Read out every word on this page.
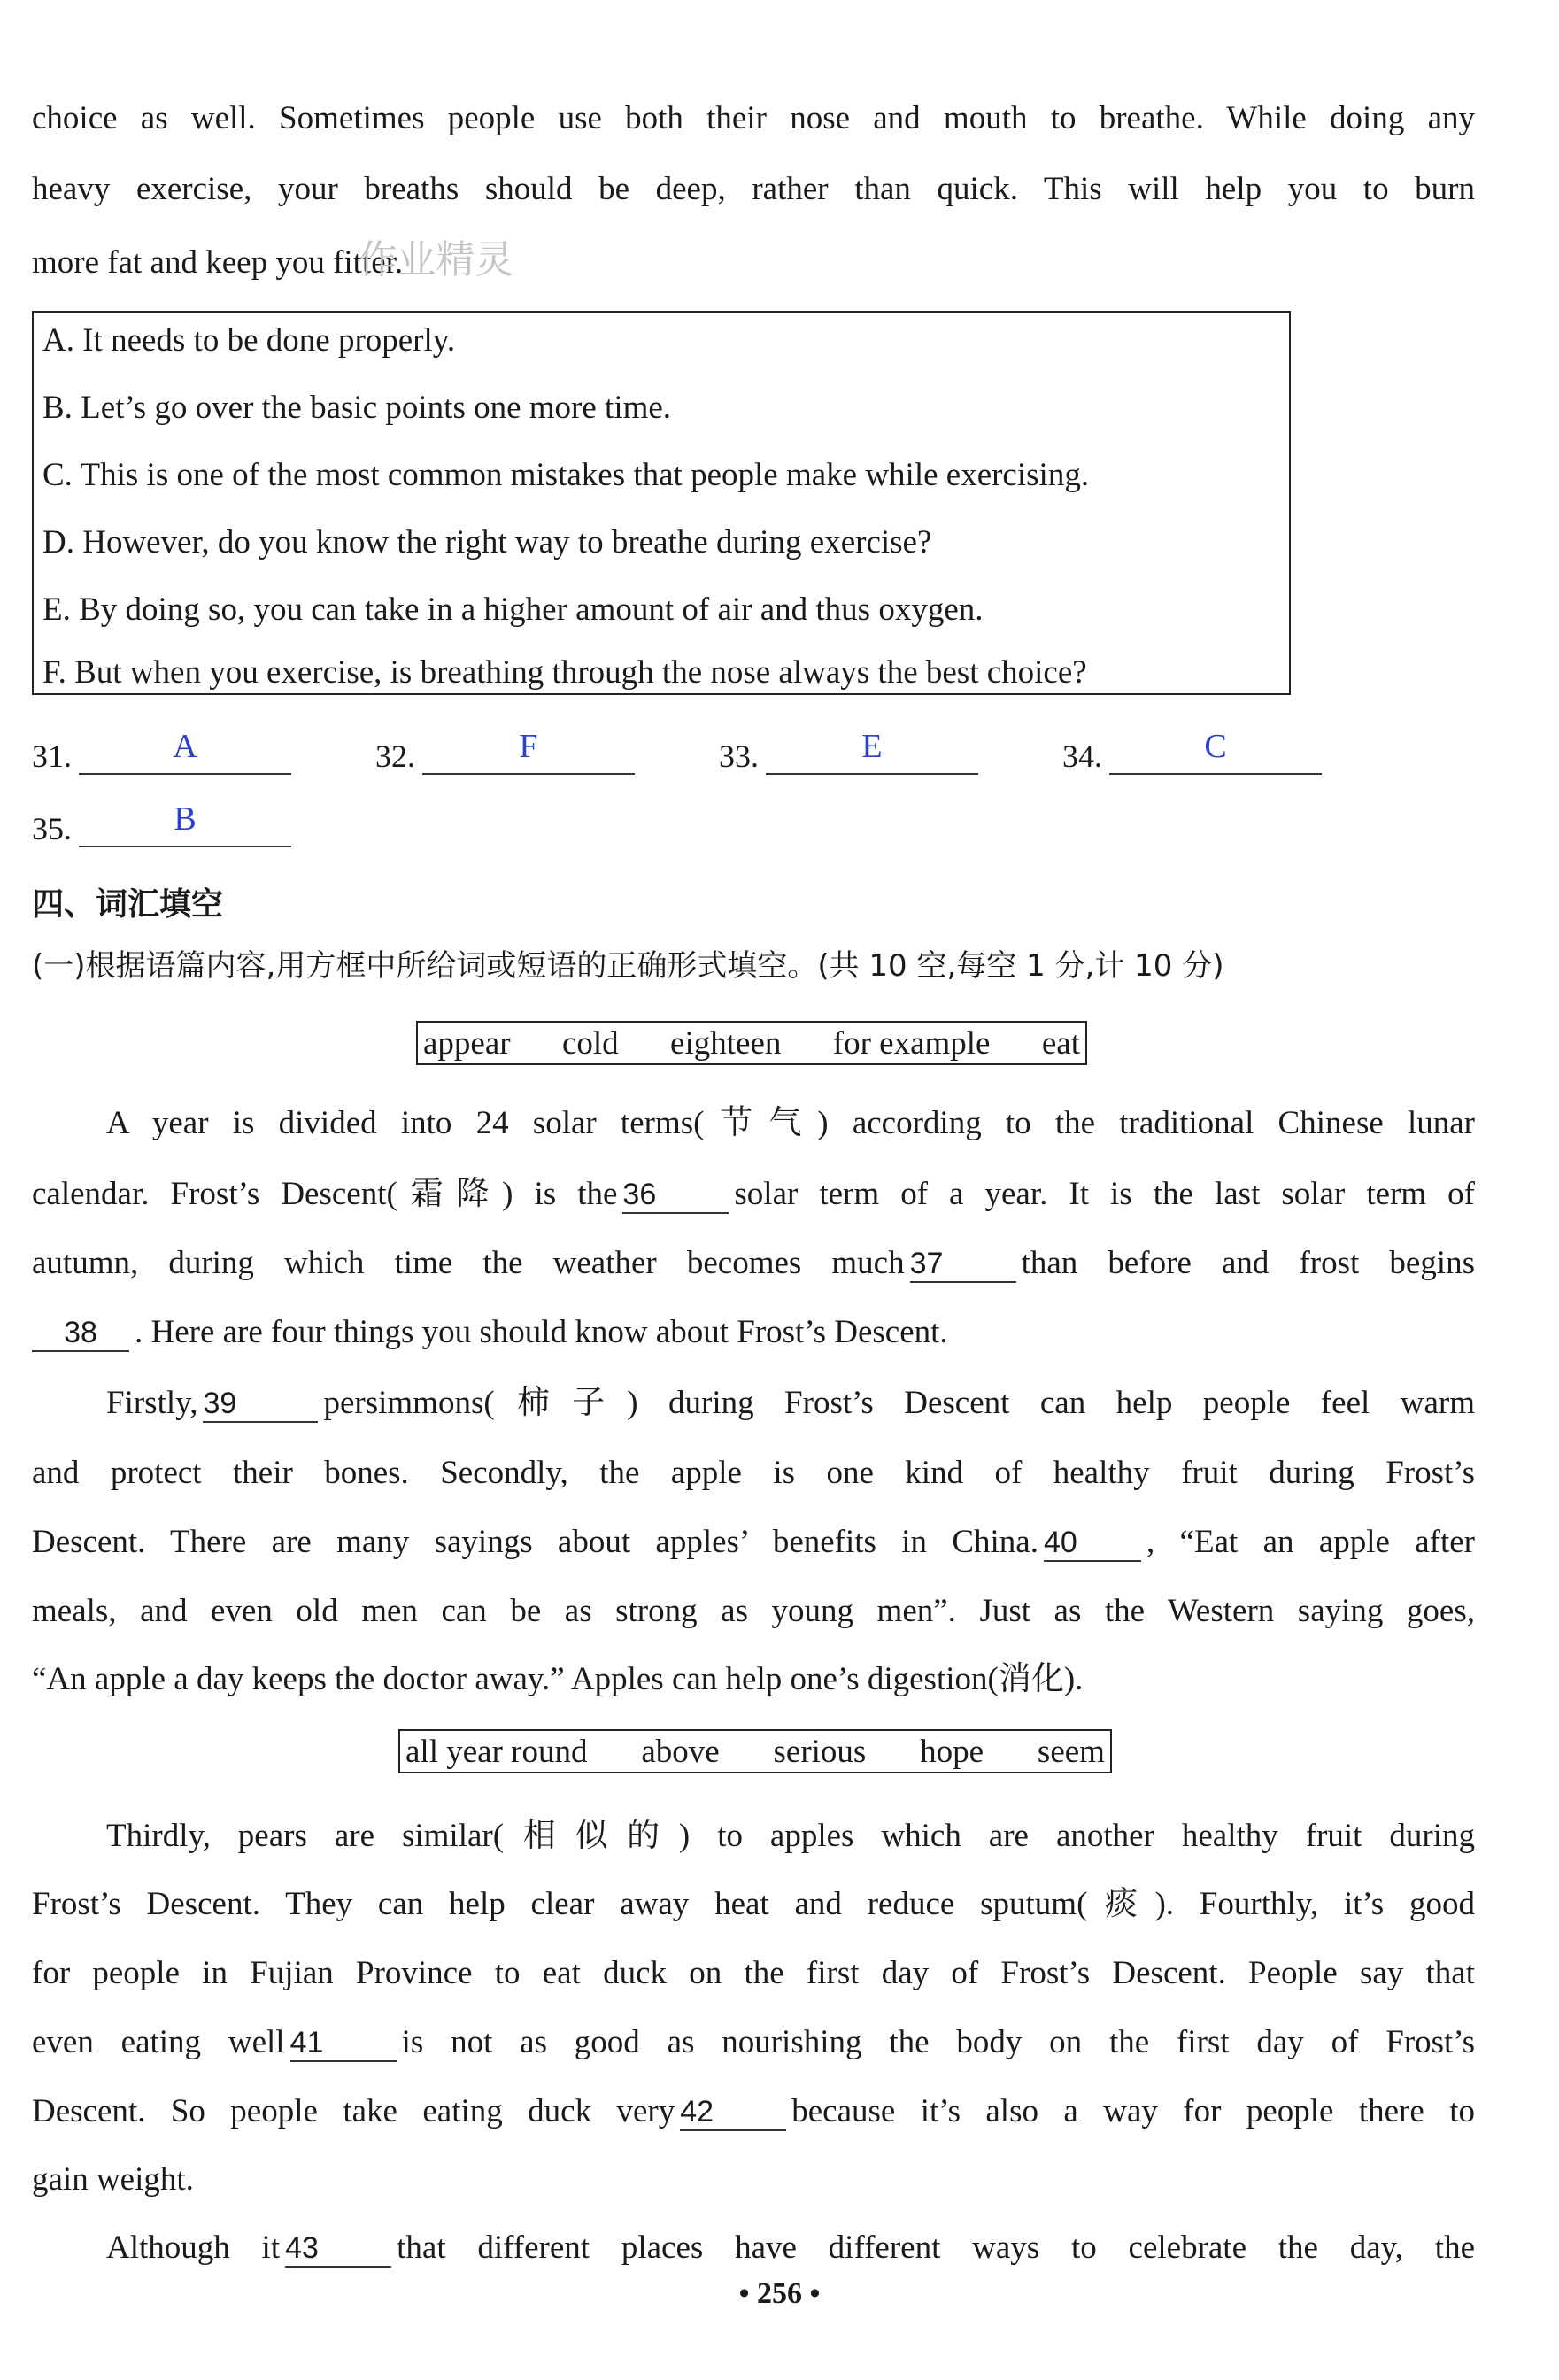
choice as well. Sometimes people use both their nose and mouth to breathe. While doing any
heavy exercise, your breaths should be deep, rather than quick. This will help you to burn
more fat and keep you fitter. 作业精灵
A. It needs to be done properly.
B. Let’s go over the basic points one more time.
C. This is one of the most common mistakes that people make while exercising.
D. However, do you know the right way to breathe during exercise?
E. By doing so, you can take in a higher amount of air and thus oxygen.
F. But when you exercise, is breathing through the nose always the best choice?
31.	A	32.	F	33.	E	34.	C
35.	B
四、词汇填空
(一)根据语篇内容,用方框中所给词或短语的正确形式填空。(共 10 空,每空 1 分,计 10 分)
appear cold eighteen for example eat
A year is divided into 24 solar terms(节气) according to the traditional Chinese lunar
calendar. Frost’s Descent(霜降) is the 36 solar term of a year. It is the last solar term of
autumn, during which time the weather becomes much 37 than before and frost begins
38 . Here are four things you should know about Frost’s Descent.
Firstly, 39	persimmons(柿子) during Frost’s Descent can help people feel warm
and protect their bones. Secondly, the apple is one kind of healthy fruit during Frost’s
Descent. There are many sayings about apples’ benefits in China. 40 , “Eat an apple after
meals, and even old men can be as strong as young men”. Just as the Western saying goes,
“An apple a day keeps the doctor away.” Apples can help one’s digestion(消化).
all year round above serious hope seem
Thirdly, pears are similar(相似的) to apples which are another healthy fruit during
Frost’s Descent. They can help clear away heat and reduce sputum(痰). Fourthly, it’s good
for people in Fujian Province to eat duck on the first day of Frost’s Descent. People say that
even eating well 41 is not as good as nourishing the body on the first day of Frost’s
Descent. So people take eating duck very 42 because it’s also a way for people there to
gain weight.
Although it 43 that different places have different ways to celebrate the day, the
• 256 •
